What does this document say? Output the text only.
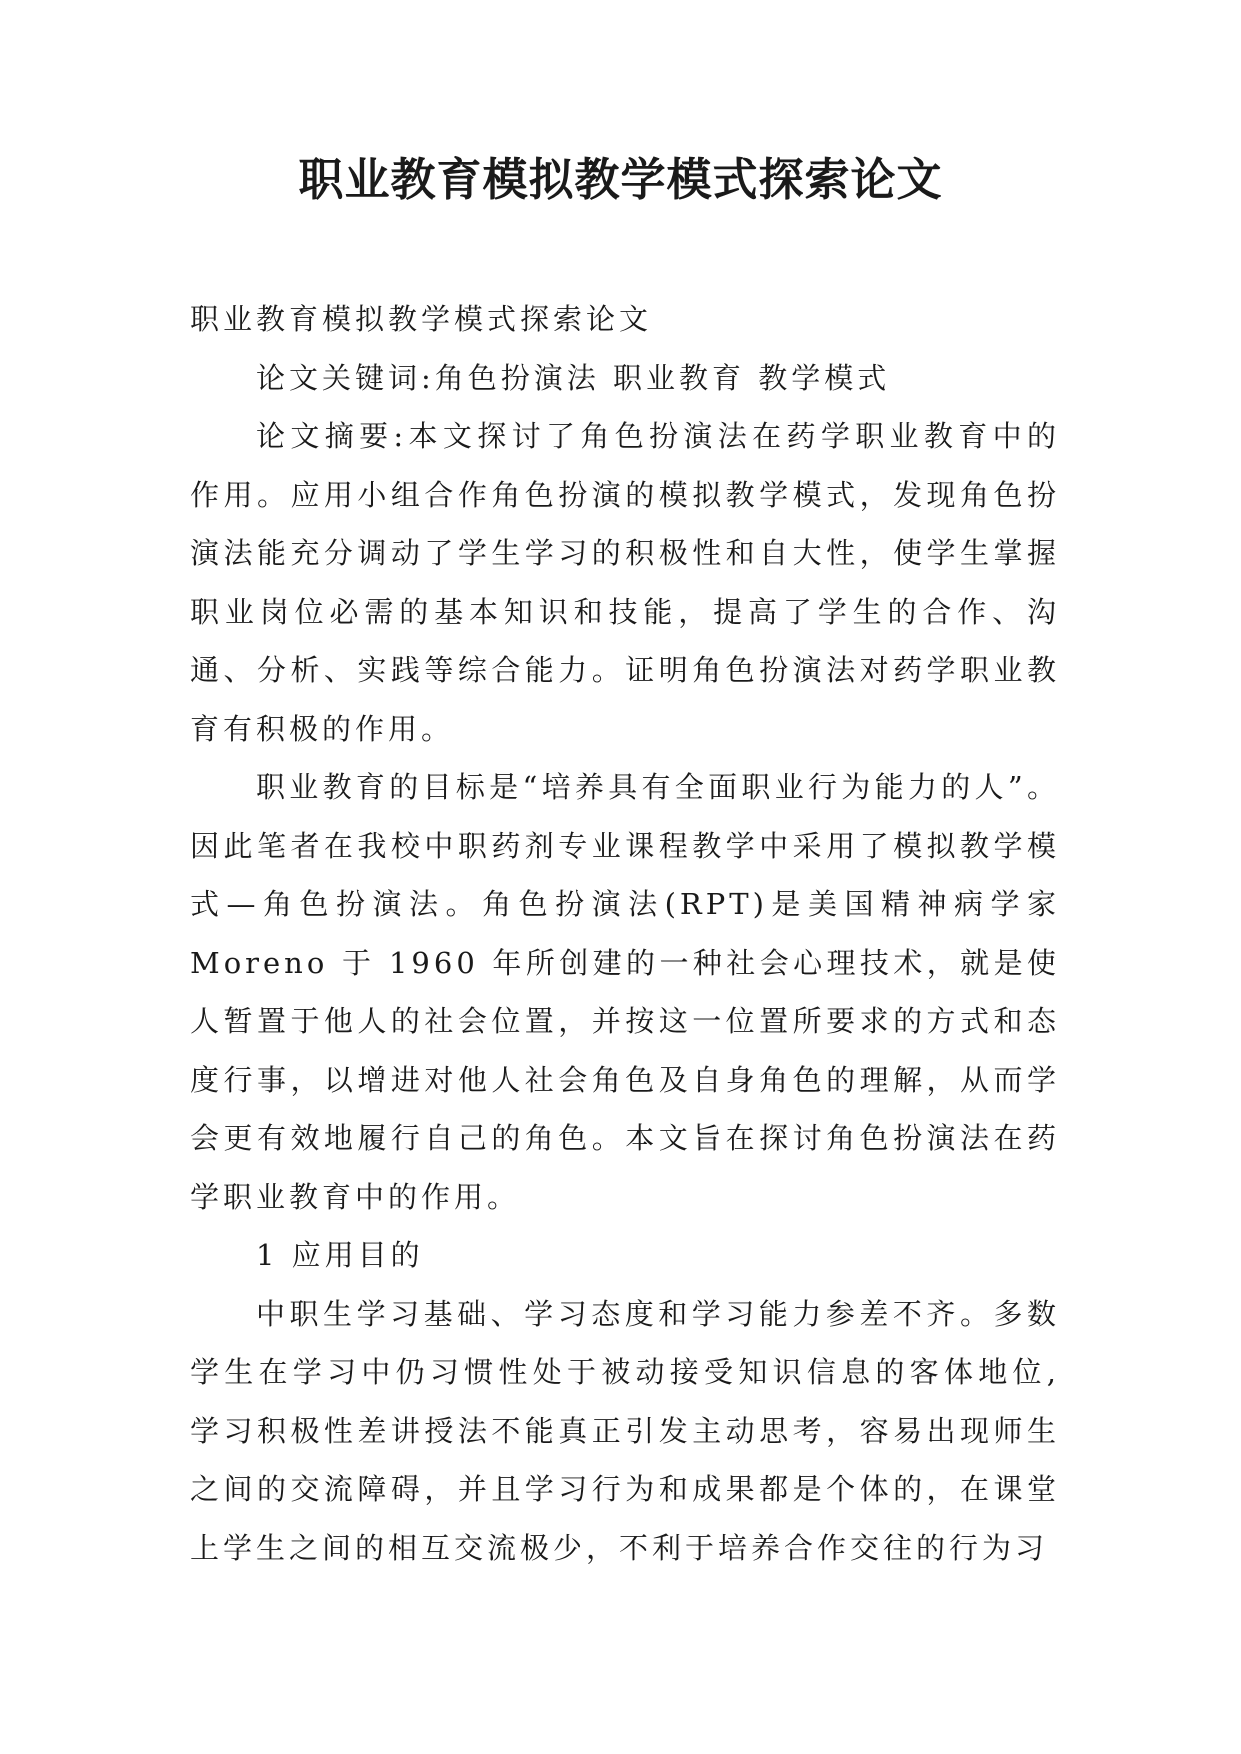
职业教育模拟教学模式探索论文

职业教育模拟教学模式探索论文

论文关键词:角色扮演法 职业教育 教学模式

论文摘要:本文探讨了角色扮演法在药学职业教育中的作用。应用小组合作角色扮演的模拟教学模式，发现角色扮演法能充分调动了学生学习的积极性和自大性，使学生掌握职业岗位必需的基本知识和技能，提高了学生的合作、沟通、分析、实践等综合能力。证明角色扮演法对药学职业教育有积极的作用。

职业教育的目标是“培养具有全面职业行为能力的人”。因此笔者在我校中职药剂专业课程教学中采用了模拟教学模式—角色扮演法。角色扮演法(RPT)是美国精神病学家Moreno 于 1960 年所创建的一种社会心理技术，就是使人暂置于他人的社会位置，并按这一位置所要求的方式和态度行事，以增进对他人社会角色及自身角色的理解，从而学会更有效地履行自己的角色。本文旨在探讨角色扮演法在药学职业教育中的作用。

1 应用目的

中职生学习基础、学习态度和学习能力参差不齐。多数学生在学习中仍习惯性处于被动接受知识信息的客体地位,学习积极性差讲授法不能真正引发主动思考，容易出现师生之间的交流障碍，并且学习行为和成果都是个体的，在课堂上学生之间的相互交流极少，不利于培养合作交往的行为习
